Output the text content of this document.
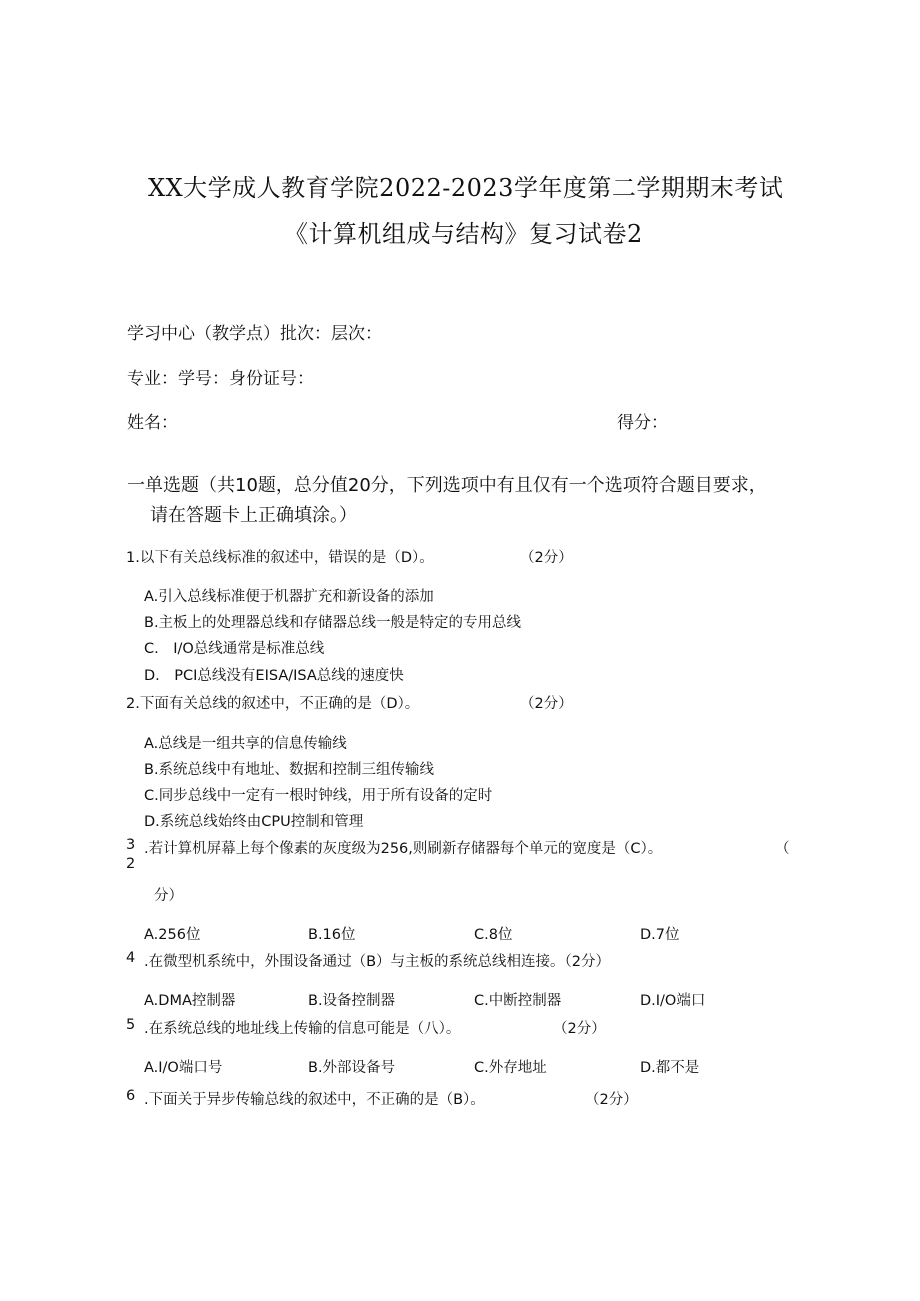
XX大学成人教育学院2022-2023学年度第二学期期末考试
《计算机组成与结构》复习试卷2
学习中心（教学点）批次：层次：
专业：学号：身份证号：
姓名：	得分：
一单选题（共10题，总分值20分，下列选项中有且仅有一个选项符合题目要求，
请在答题卡上正确填涂。）
1.以下有关总线标准的叙述中，错误的是（D）。	（2分）
A.引入总线标准便于机器扩充和新设备的添加
B.主板上的处理器总线和存储器总线一般是特定的专用总线
C.　I/O总线通常是标准总线
D.　PCI总线没有EISA/ISA总线的速度快
2.下面有关总线的叙述中，不正确的是（D）。	（2分）
A.总线是一组共享的信息传输线
B.系统总线中有地址、数据和控制三组传输线
C.同步总线中一定有一根时钟线，用于所有设备的定时
D.系统总线始终由CPU控制和管理
3 .若计算机屏幕上每个像素的灰度级为256,则刷新存储器每个单元的宽度是（C）。	（
2
分）
A.256位	B.16位	C.8位	D.7位
4 .在微型机系统中，外围设备通过（B）与主板的系统总线相连接。（2分）
A.DMA控制器	B.设备控制器	C.中断控制器	D.I/O端口
5 .在系统总线的地址线上传输的信息可能是（八）。	（2分）
A.I/O端口号	B.外部设备号	C.外存地址	D.都不是
6 .下面关于异步传输总线的叙述中，不正确的是（B）。	（2分）
